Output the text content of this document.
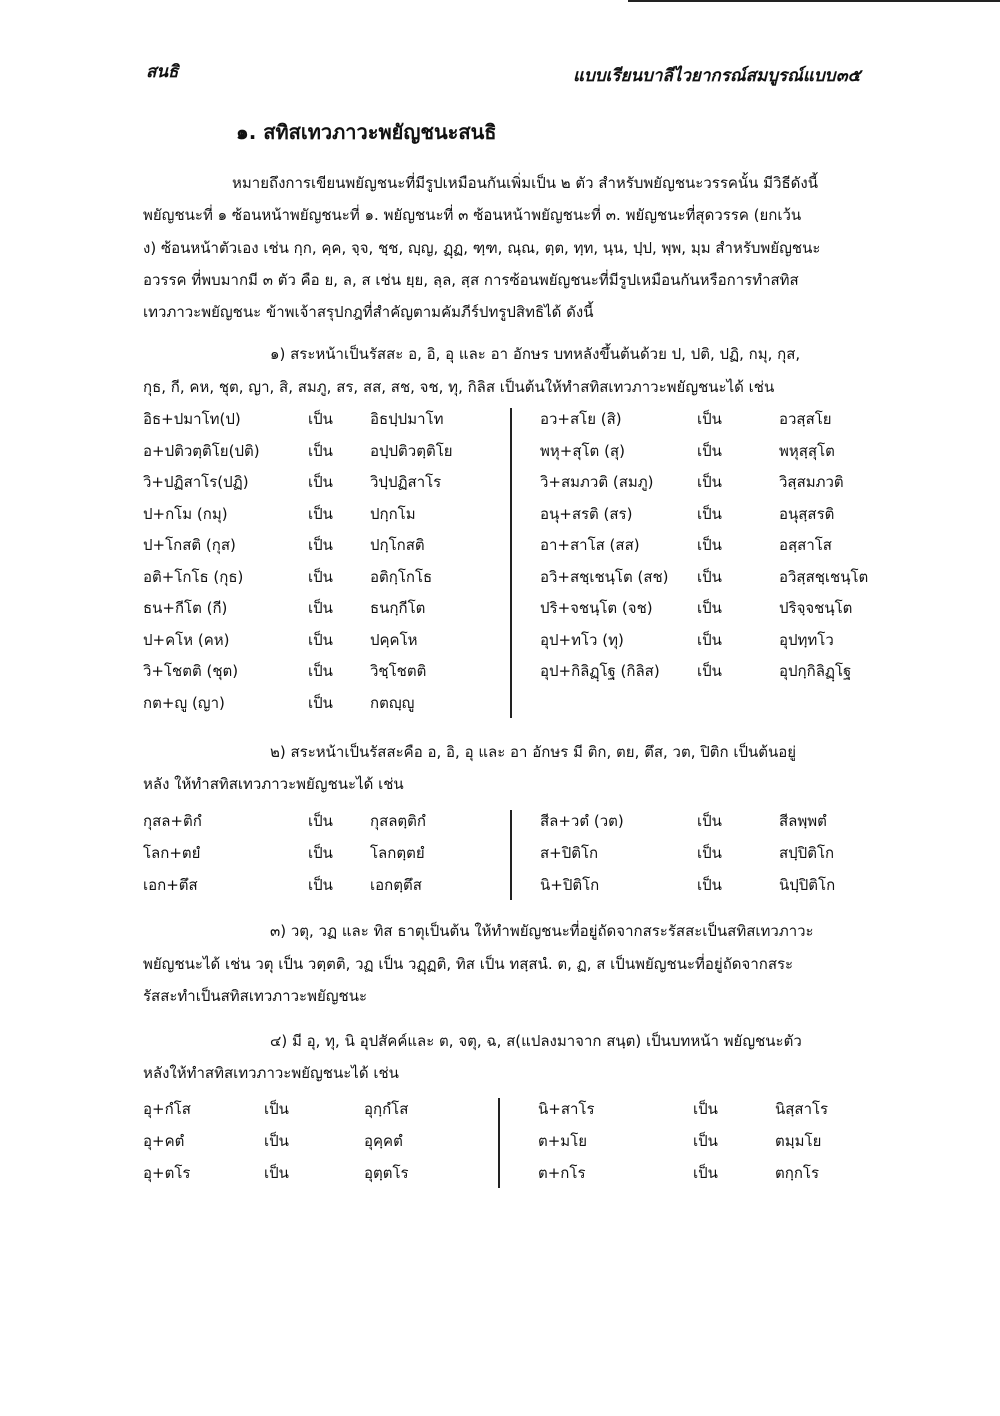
สนธิ	แบบเรียนบาลีไวยากรณ์สมบูรณ์แบบ ๓๕
๑. สทิสเทวภาวะพยัญชนะสนธิ
หมายถึงการเขียนพยัญชนะที่มีรูปเหมือนกันเพิ่มเป็น ๒ ตัว สำหรับพยัญชนะวรรคนั้น มีวิธีดังนี้
พยัญชนะที่ ๑ ซ้อนหน้าพยัญชนะที่ ๑. พยัญชนะที่ ๓ ซ้อนหน้าพยัญชนะที่ ๓. พยัญชนะที่สุดวรรค (ยกเว้น
ง) ซ้อนหน้าตัวเอง เช่น กฺก, คฺค, จฺจ, ชฺช, ญฺญ, ฏฺฏ, ฑฺฑ, ณฺณ, ตฺต, ทฺท, นฺน, ปฺป, พฺพ, มฺม สำหรับพยัญชนะ
อวรรค ที่พบมากมี ๓ ตัว คือ ย, ล, ส เช่น ยฺย, ลฺล, สฺส การซ้อนพยัญชนะที่มีรูปเหมือนกันหรือการทำสทิส
เทวภาวะพยัญชนะ ข้าพเจ้าสรุปกฎที่สำคัญตามคัมภีร์ปทรูปสิทธิได้ ดังนี้
๑) สระหน้าเป็นรัสสะ อ, อิ, อุ และ อา อักษร บทหลังขึ้นต้นด้วย ป, ปติ, ปฏิ, กมุ, กุส,
กุธ, กี, คห, ชุต, ญา, สิ, สมภู, สร, สส, สช, จช, ทุ, กิลิส เป็นต้นให้ทำสทิสเทวภาวะพยัญชนะได้ เช่น
อิธ+ปมาโท(ป)	เป็น อิธปฺปมาโท
อ+ปติวตฺติโย(ปติ)	เป็น อปฺปติวตฺติโย
วิ+ปฏิสาโร(ปฏิ)	เป็น วิปฺปฏิสาโร
ป+กโม (กมุ)	เป็น ปกฺกโม
ป+โกสติ (กุส)	เป็น ปกฺโกสติ
อติ+โกโธ (กุธ)	เป็น อติกฺโกโธ
ธน+กีโต (กี)	เป็น ธนกฺกีโต
ป+คโห (คห)	เป็น ปคฺคโห
วิ+โชตติ (ชุต)	เป็น วิชฺโชตติ
กต+ญู (ญา)	เป็น กตญฺญู
อว+สโย (สิ)	เป็น	อวสฺสโย
พหุ+สุโต (สุ)	เป็น	พหุสฺสุโต
วิ+สมภวติ (สมภู)	เป็น	วิสฺสมภวติ
อนุ+สรติ (สร)	เป็น	อนุสฺสรติ
อา+สาโส (สส)	เป็น	อสฺสาโส
อวิ+สชฺเชนฺโต (สช) เป็น	อวิสฺสชฺเชนฺโต
ปริ+จชนฺโต (จช)	เป็น	ปริจฺจชนฺโต
อุป+ทโว (ทุ)	เป็น	อุปทฺทโว
อุป+กิลิฏฺโฐ (กิลิส) เป็น	อุปกฺกิลิฏฺโฐ
๒) สระหน้าเป็นรัสสะคือ อ, อิ, อุ และ อา อักษร มี ติก, ตย, ตึส, วต, ปิติก เป็นต้นอยู่
หลัง ให้ทำสทิสเทวภาวะพยัญชนะได้ เช่น
กุสล+ติกํ	เป็น กุสลตฺติกํ
โลก+ตยํ	เป็น โลกตฺตยํ
เอก+ตึส	เป็น เอกตฺตึส
สีล+วตํ (วต)	เป็น	สีลพฺพตํ
ส+ปิติโก	เป็น	สปฺปิติโก
นิ+ปิติโก	เป็น	นิปฺปิติโก
๓) วตุ, วฏ และ ทิส ธาตุเป็นต้น ให้ทำพยัญชนะที่อยู่ถัดจากสระรัสสะเป็นสทิสเทวภาวะ
พยัญชนะได้ เช่น วตุ เป็น วตฺตติ, วฏ เป็น วฏฺฏติ, ทิส เป็น ทสฺสนํ. ต, ฏ, ส เป็นพยัญชนะที่อยู่ถัดจากสระ
รัสสะทำเป็นสทิสเทวภาวะพยัญชนะ
๔) มี อุ, ทุ, นิ อุปสัคค์และ ต, จตุ, ฉ, ส(แปลงมาจาก สนฺต) เป็นบทหน้า พยัญชนะตัว
หลังให้ทำสทิสเทวภาวะพยัญชนะได้ เช่น
อุ+กํโส	เป็น	อุกฺกํโส
อุ+คตํ	เป็น	อุคฺคตํ
อุ+ตโร	เป็น	อุตฺตโร
นิ+สาโร	เป็น	นิสฺสาโร
ต+มโย	เป็น	ตมฺมโย
ต+กโร	เป็น	ตกฺกโร
